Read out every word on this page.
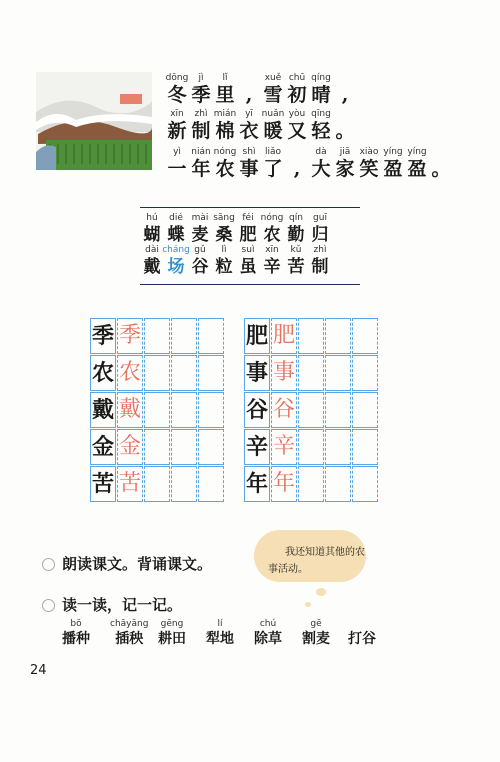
dōng
冬
jì
季
lǐ
里 ,
xuě
雪
chū
初
qíng
晴 ,
xīn
新
zhì
制
mián
棉
yī
衣
nuǎn
暖
yòu
又
qīng
轻 。
yì
一
nián
年
nóng
农
shì
事
liǎo
了 ,
dà
大
jiā
家
xiào
笑
yíng
盈
yíng
盈 。
hú
蝴
dié
蝶
mài
麦
sāng
桑
féi
肥
nóng
农
qín
勤
guī
归
dài
戴
cháng
场
gǔ
谷
lì
粒
suì
虽
xīn
辛
kǔ
苦
zhì
制
季 季
农 农
戴 戴
金 金
苦 苦
肥 肥
事 事
谷 谷
辛 辛
年 年
朗读课文。背诵课文。
我还知道其他的农
事活动。
读一读，记一记。
bō
播种
chāyāng
插秧
gēng
耕田
lí
犁地
chú
除草
gē
割麦 打谷
24
